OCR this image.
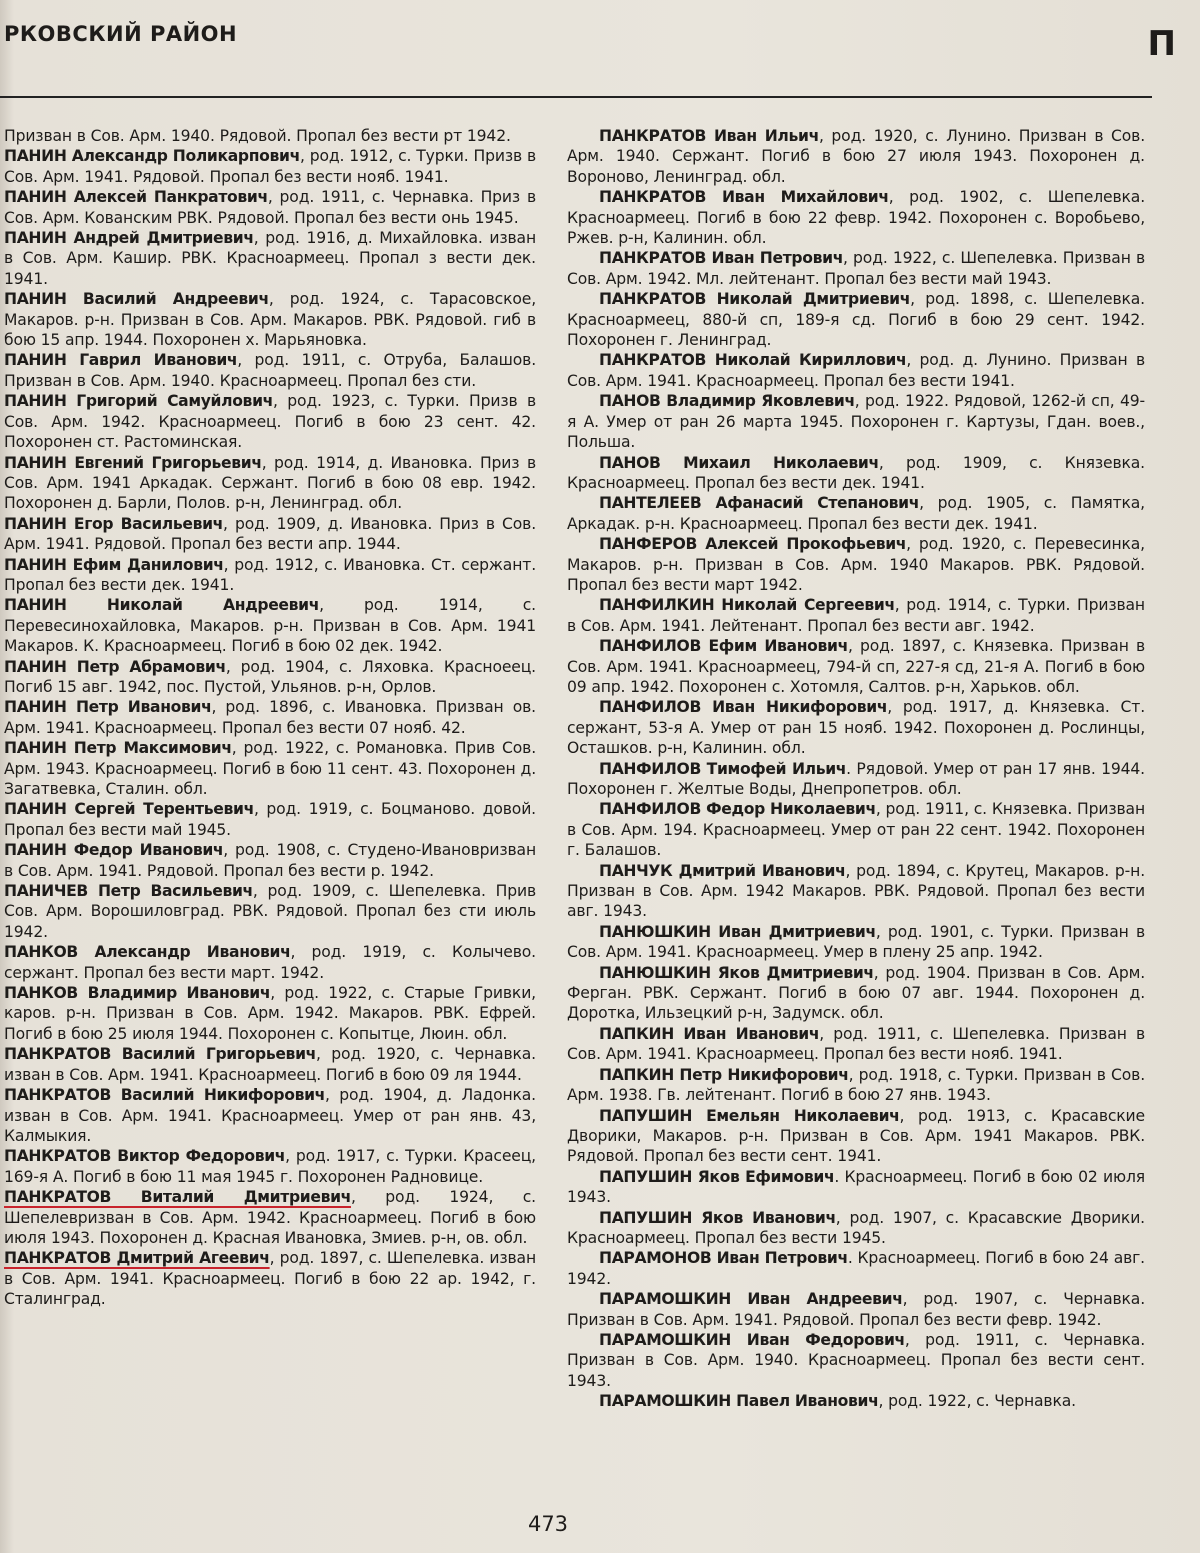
РКОВСКИЙ РАЙОН	П

Призван в Сов. Арм. 1940. Рядовой. Пропал без вести рт 1942.

ПАНИН Александр Поликарпович, род. 1912, с. Турки. Призв в Сов. Арм. 1941. Рядовой. Пропал без вести нояб. 1941.

ПАНИН Алексей Панкратович, род. 1911, с. Чернавка. Приз в Сов. Арм. Кованским РВК. Рядовой. Пропал без вести онь 1945.

ПАНИН Андрей Дмитриевич, род. 1916, д. Михайловка. изван в Сов. Арм. Кашир. РВК. Красноармеец. Пропал з вести дек. 1941.

ПАНИН Василий Андреевич, род. 1924, с. Тарасовское, Макаров. р-н. Призван в Сов. Арм. Макаров. РВК. Рядовой. гиб в бою 15 апр. 1944. Похоронен х. Марьяновка.

ПАНИН Гаврил Иванович, род. 1911, с. Отруба, Балашов. Призван в Сов. Арм. 1940. Красноармеец. Пропал без сти.

ПАНИН Григорий Самуйлович, род. 1923, с. Турки. Призв в Сов. Арм. 1942. Красноармеец. Погиб в бою 23 сент. 42. Похоронен ст. Растоминская.

ПАНИН Евгений Григорьевич, род. 1914, д. Ивановка. Приз в Сов. Арм. 1941 Аркадак. Сержант. Погиб в бою 08 евр. 1942. Похоронен д. Барли, Полов. р-н, Ленинград. обл.

ПАНИН Егор Васильевич, род. 1909, д. Ивановка. Приз в Сов. Арм. 1941. Рядовой. Пропал без вести апр. 1944.

ПАНИН Ефим Данилович, род. 1912, с. Ивановка. Ст. сержант. Пропал без вести дек. 1941.

ПАНИН Николай Андреевич, род. 1914, с. Перевесинохайловка, Макаров. р-н. Призван в Сов. Арм. 1941 Макаров. К. Красноармеец. Погиб в бою 02 дек. 1942.

ПАНИН Петр Абрамович, род. 1904, с. Ляховка. Красноеец. Погиб 15 авг. 1942, пос. Пустой, Ульянов. р-н, Орлов.

ПАНИН Петр Иванович, род. 1896, с. Ивановка. Призван ов. Арм. 1941. Красноармеец. Пропал без вести 07 нояб. 42.

ПАНИН Петр Максимович, род. 1922, с. Романовка. Прив Сов. Арм. 1943. Красноармеец. Погиб в бою 11 сент. 43. Похоронен д. Загатвевка, Сталин. обл.

ПАНИН Сергей Терентьевич, род. 1919, с. Боцманово. довой. Пропал без вести май 1945.

ПАНИН Федор Иванович, род. 1908, с. Студено-Ивановризван в Сов. Арм. 1941. Рядовой. Пропал без вести р. 1942.

ПАНИЧЕВ Петр Васильевич, род. 1909, с. Шепелевка. Прив Сов. Арм. Ворошиловград. РВК. Рядовой. Пропал без сти июль 1942.

ПАНКОВ Александр Иванович, род. 1919, с. Колычево. сержант. Пропал без вести март. 1942.

ПАНКОВ Владимир Иванович, род. 1922, с. Старые Гривки, каров. р-н. Призван в Сов. Арм. 1942. Макаров. РВК. Ефрей. Погиб в бою 25 июля 1944. Похоронен с. Копытце, Люин. обл.

ПАНКРАТОВ Василий Григорьевич, род. 1920, с. Чернавка. изван в Сов. Арм. 1941. Красноармеец. Погиб в бою 09 ля 1944.

ПАНКРАТОВ Василий Никифорович, род. 1904, д. Ладонка. изван в Сов. Арм. 1941. Красноармеец. Умер от ран янв. 43, Калмыкия.

ПАНКРАТОВ Виктор Федорович, род. 1917, с. Турки. Красеец, 169-я А. Погиб в бою 11 мая 1945 г. Похоронен Радновице.

ПАНКРАТОВ Виталий Дмитриевич, род. 1924, с. Шепелевризван в Сов. Арм. 1942. Красноармеец. Погиб в бою июля 1943. Похоронен д. Красная Ивановка, Змиев. р-н, ов. обл.

ПАНКРАТОВ Дмитрий Агеевич, род. 1897, с. Шепелевка. изван в Сов. Арм. 1941. Красноармеец. Погиб в бою 22 ар. 1942, г. Сталинград.

ПАНКРАТОВ Иван Ильич, род. 1920, с. Лунино. Призван в Сов. Арм. 1940. Сержант. Погиб в бою 27 июля 1943. Похоронен д. Вороново, Ленинград. обл.

ПАНКРАТОВ Иван Михайлович, род. 1902, с. Шепелевка. Красноармеец. Погиб в бою 22 февр. 1942. Похоронен с. Воробьево, Ржев. р-н, Калинин. обл.

ПАНКРАТОВ Иван Петрович, род. 1922, с. Шепелевка. Призван в Сов. Арм. 1942. Мл. лейтенант. Пропал без вести май 1943.

ПАНКРАТОВ Николай Дмитриевич, род. 1898, с. Шепелевка. Красноармеец, 880-й сп, 189-я сд. Погиб в бою 29 сент. 1942. Похоронен г. Ленинград.

ПАНКРАТОВ Николай Кириллович, род. д. Лунино. Призван в Сов. Арм. 1941. Красноармеец. Пропал без вести 1941.

ПАНОВ Владимир Яковлевич, род. 1922. Рядовой, 1262-й сп, 49-я А. Умер от ран 26 марта 1945. Похоронен г. Картузы, Гдан. воев., Польша.

ПАНОВ Михаил Николаевич, род. 1909, с. Князевка. Красноармеец. Пропал без вести дек. 1941.

ПАНТЕЛЕЕВ Афанасий Степанович, род. 1905, с. Памятка, Аркадак. р-н. Красноармеец. Пропал без вести дек. 1941.

ПАНФЕРОВ Алексей Прокофьевич, род. 1920, с. Перевесинка, Макаров. р-н. Призван в Сов. Арм. 1940 Макаров. РВК. Рядовой. Пропал без вести март 1942.

ПАНФИЛКИН Николай Сергеевич, род. 1914, с. Турки. Призван в Сов. Арм. 1941. Лейтенант. Пропал без вести авг. 1942.

ПАНФИЛОВ Ефим Иванович, род. 1897, с. Князевка. Призван в Сов. Арм. 1941. Красноармеец, 794-й сп, 227-я сд, 21-я А. Погиб в бою 09 апр. 1942. Похоронен с. Хотомля, Салтов. р-н, Харьков. обл.

ПАНФИЛОВ Иван Никифорович, род. 1917, д. Князевка. Ст. сержант, 53-я А. Умер от ран 15 нояб. 1942. Похоронен д. Рослинцы, Осташков. р-н, Калинин. обл.

ПАНФИЛОВ Тимофей Ильич. Рядовой. Умер от ран 17 янв. 1944. Похоронен г. Желтые Воды, Днепропетров. обл.

ПАНФИЛОВ Федор Николаевич, род. 1911, с. Князевка. Призван в Сов. Арм. 194. Красноармеец. Умер от ран 22 сент. 1942. Похоронен г. Балашов.

ПАНЧУК Дмитрий Иванович, род. 1894, с. Крутец, Макаров. р-н. Призван в Сов. Арм. 1942 Макаров. РВК. Рядовой. Пропал без вести авг. 1943.

ПАНЮШКИН Иван Дмитриевич, род. 1901, с. Турки. Призван в Сов. Арм. 1941. Красноармеец. Умер в плену 25 апр. 1942.

ПАНЮШКИН Яков Дмитриевич, род. 1904. Призван в Сов. Арм. Ферган. РВК. Сержант. Погиб в бою 07 авг. 1944. Похоронен д. Доротка, Ильзецкий р-н, Задумск. обл.

ПАПКИН Иван Иванович, род. 1911, с. Шепелевка. Призван в Сов. Арм. 1941. Красноармеец. Пропал без вести нояб. 1941.

ПАПКИН Петр Никифорович, род. 1918, с. Турки. Призван в Сов. Арм. 1938. Гв. лейтенант. Погиб в бою 27 янв. 1943.

ПАПУШИН Емельян Николаевич, род. 1913, с. Красавские Дворики, Макаров. р-н. Призван в Сов. Арм. 1941 Макаров. РВК. Рядовой. Пропал без вести сент. 1941.

ПАПУШИН Яков Ефимович. Красноармеец. Погиб в бою 02 июля 1943.

ПАПУШИН Яков Иванович, род. 1907, с. Красавские Дворики. Красноармеец. Пропал без вести 1945.

ПАРАМОНОВ Иван Петрович. Красноармеец. Погиб в бою 24 авг. 1942.

ПАРАМОШКИН Иван Андреевич, род. 1907, с. Чернавка. Призван в Сов. Арм. 1941. Рядовой. Пропал без вести февр. 1942.

ПАРАМОШКИН Иван Федорович, род. 1911, с. Чернавка. Призван в Сов. Арм. 1940. Красноармеец. Пропал без вести сент. 1943.

ПАРАМОШКИН Павел Иванович, род. 1922, с. Чернавка.

473
